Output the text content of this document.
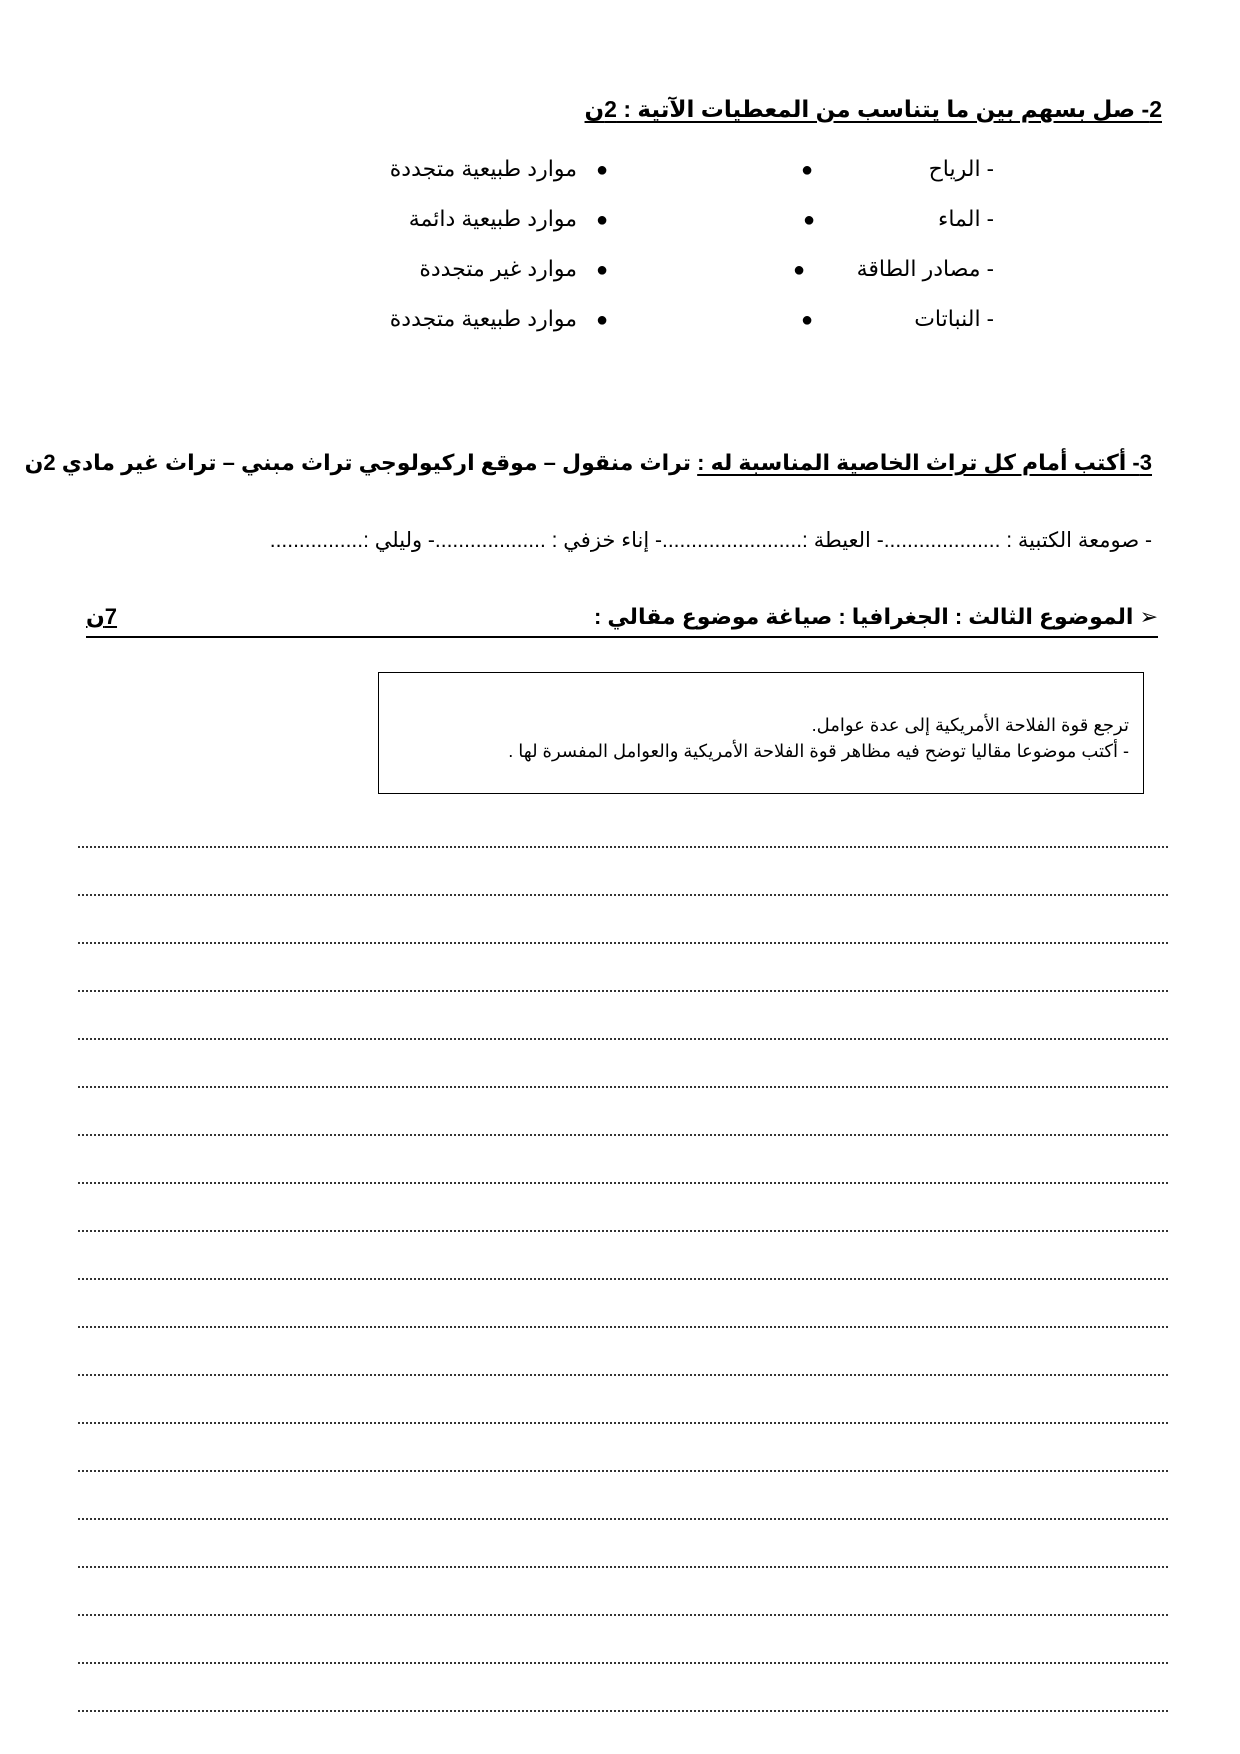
2- صل بسهم بين ما يتناسب من المعطيات الآتية : 2ن
- الرياح
- الماء
- مصادر الطاقة
- النباتات
●
●
●
●
●
●
●
●
موارد طبيعية متجددة
موارد طبيعية دائمة
موارد غير متجددة
موارد طبيعية متجددة
3- أكتب أمام كل تراث الخاصية المناسبة له : تراث منقول – موقع اركيولوجي تراث مبني – تراث غير مادي 2ن
- صومعة الكتبية : ....................- العيطة :........................- إناء خزفي : ...................- وليلي :................
➢ الموضوع الثالث : الجغرافيا : صياغة موضوع مقالي :
7ن

ترجع قوة الفلاحة الأمريكية إلى عدة عوامل.

- أكتب موضوعا مقاليا توضح فيه مظاهر قوة الفلاحة الأمريكية والعوامل المفسرة لها .
